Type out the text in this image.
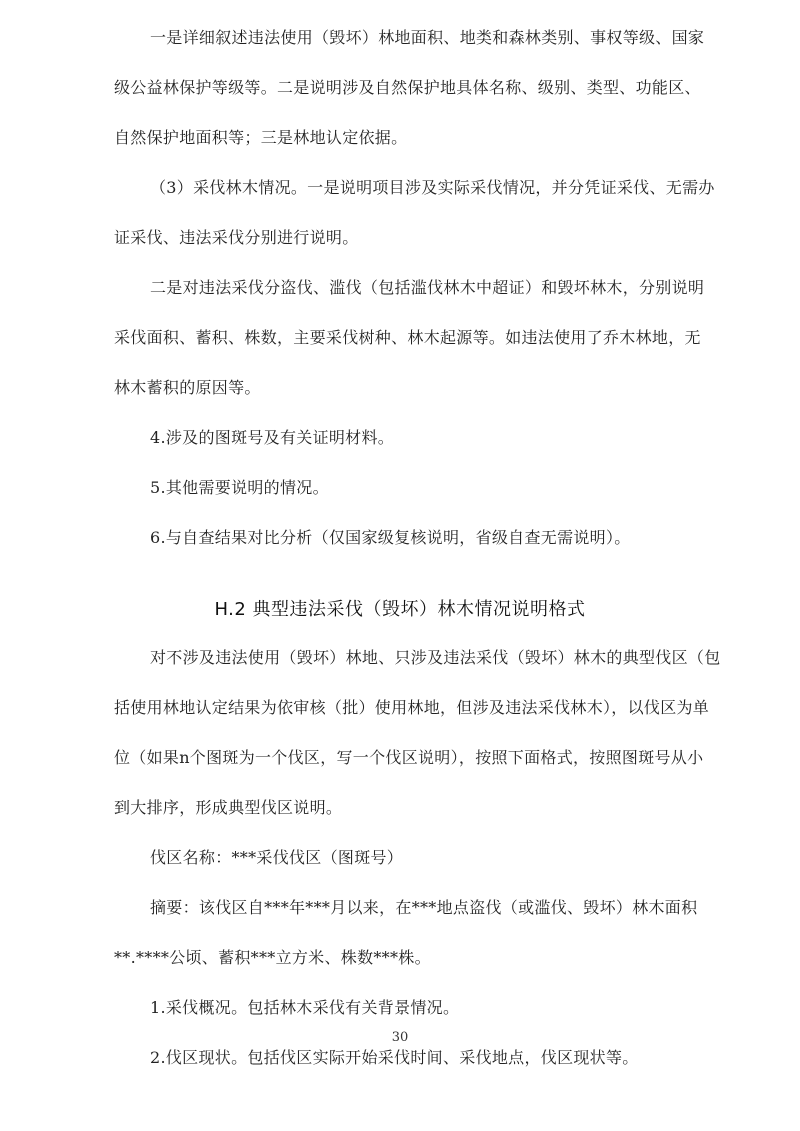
一是详细叙述违法使用（毁坏）林地面积、地类和森林类别、事权等级、国家
级公益林保护等级等。二是说明涉及自然保护地具体名称、级别、类型、功能区、
自然保护地面积等；三是林地认定依据。
（3）采伐林木情况。一是说明项目涉及实际采伐情况，并分凭证采伐、无需办
证采伐、违法采伐分别进行说明。
二是对违法采伐分盗伐、滥伐（包括滥伐林木中超证）和毁坏林木，分别说明
采伐面积、蓄积、株数，主要采伐树种、林木起源等。如违法使用了乔木林地，无
林木蓄积的原因等。
4.涉及的图斑号及有关证明材料。
5.其他需要说明的情况。
6.与自查结果对比分析（仅国家级复核说明，省级自查无需说明）。
对不涉及违法使用（毁坏）林地、只涉及违法采伐（毁坏）林木的典型伐区（包
括使用林地认定结果为依审核（批）使用林地，但涉及违法采伐林木），以伐区为单
位（如果n个图斑为一个伐区，写一个伐区说明），按照下面格式，按照图斑号从小
到大排序，形成典型伐区说明。
伐区名称：***采伐伐区（图斑号）
摘要：该伐区自***年***月以来，在***地点盗伐（或滥伐、毁坏）林木面积
**.****公顷、蓄积***立方米、株数***株。
1.采伐概况。包括林木采伐有关背景情况。
H.2 典型违法采伐（毁坏）林木情况说明格式
2.伐区现状。包括伐区实际开始采伐时间、采伐地点，伐区现状等。
30
